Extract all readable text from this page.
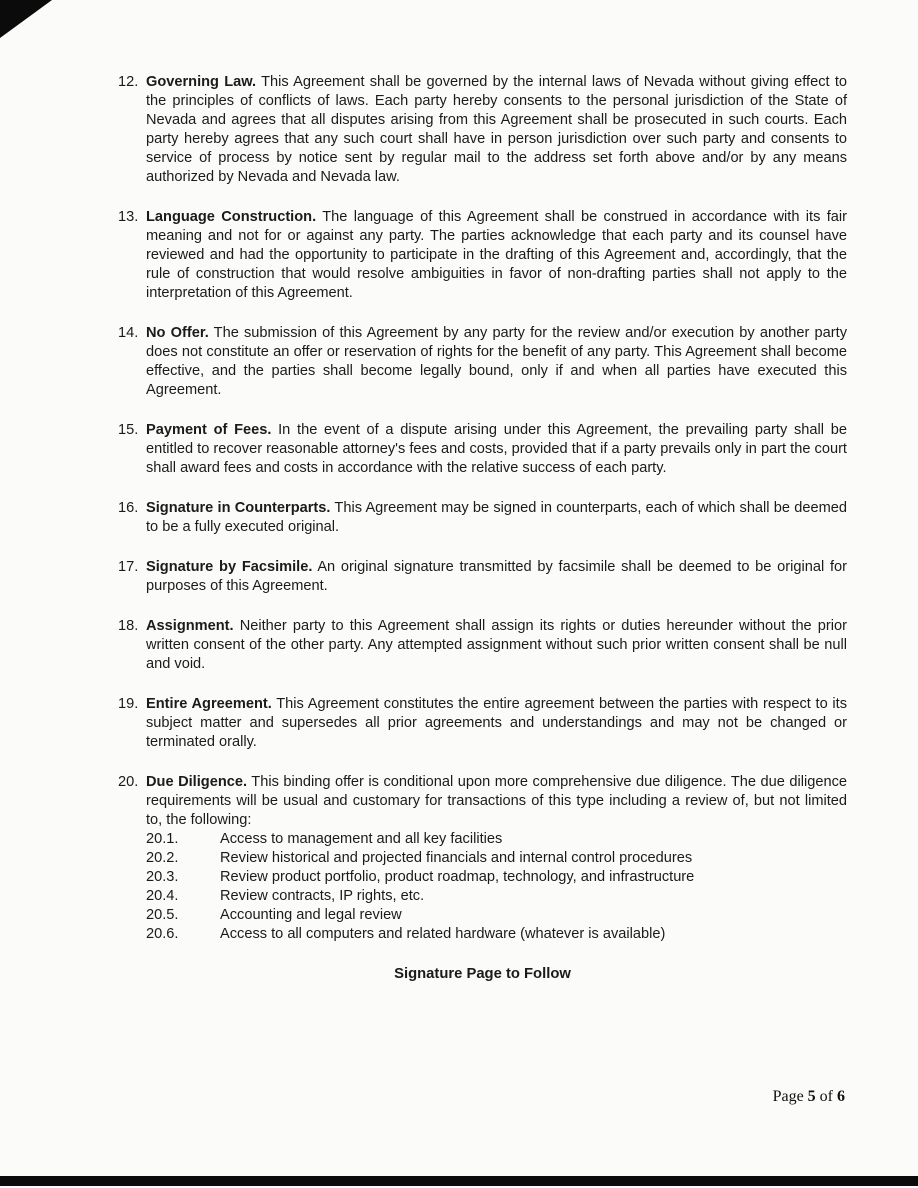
12. Governing Law. This Agreement shall be governed by the internal laws of Nevada without giving effect to the principles of conflicts of laws. Each party hereby consents to the personal jurisdiction of the State of Nevada and agrees that all disputes arising from this Agreement shall be prosecuted in such courts. Each party hereby agrees that any such court shall have in person jurisdiction over such party and consents to service of process by notice sent by regular mail to the address set forth above and/or by any means authorized by Nevada and Nevada law.

13. Language Construction. The language of this Agreement shall be construed in accordance with its fair meaning and not for or against any party. The parties acknowledge that each party and its counsel have reviewed and had the opportunity to participate in the drafting of this Agreement and, accordingly, that the rule of construction that would resolve ambiguities in favor of non-drafting parties shall not apply to the interpretation of this Agreement.

14. No Offer. The submission of this Agreement by any party for the review and/or execution by another party does not constitute an offer or reservation of rights for the benefit of any party. This Agreement shall become effective, and the parties shall become legally bound, only if and when all parties have executed this Agreement.

15. Payment of Fees. In the event of a dispute arising under this Agreement, the prevailing party shall be entitled to recover reasonable attorney's fees and costs, provided that if a party prevails only in part the court shall award fees and costs in accordance with the relative success of each party.

16. Signature in Counterparts. This Agreement may be signed in counterparts, each of which shall be deemed to be a fully executed original.

17. Signature by Facsimile. An original signature transmitted by facsimile shall be deemed to be original for purposes of this Agreement.

18. Assignment. Neither party to this Agreement shall assign its rights or duties hereunder without the prior written consent of the other party. Any attempted assignment without such prior written consent shall be null and void.

19. Entire Agreement. This Agreement constitutes the entire agreement between the parties with respect to its subject matter and supersedes all prior agreements and understandings and may not be changed or terminated orally.

20. Due Diligence. This binding offer is conditional upon more comprehensive due diligence. The due diligence requirements will be usual and customary for transactions of this type including a review of, but not limited to, the following:

20.1.	Access to management and all key facilities
20.2.	Review historical and projected financials and internal control procedures
20.3.	Review product portfolio, product roadmap, technology, and infrastructure
20.4.	Review contracts, IP rights, etc.
20.5.	Accounting and legal review
20.6.	Access to all computers and related hardware (whatever is available)
Signature Page to Follow
Page 5 of 6
